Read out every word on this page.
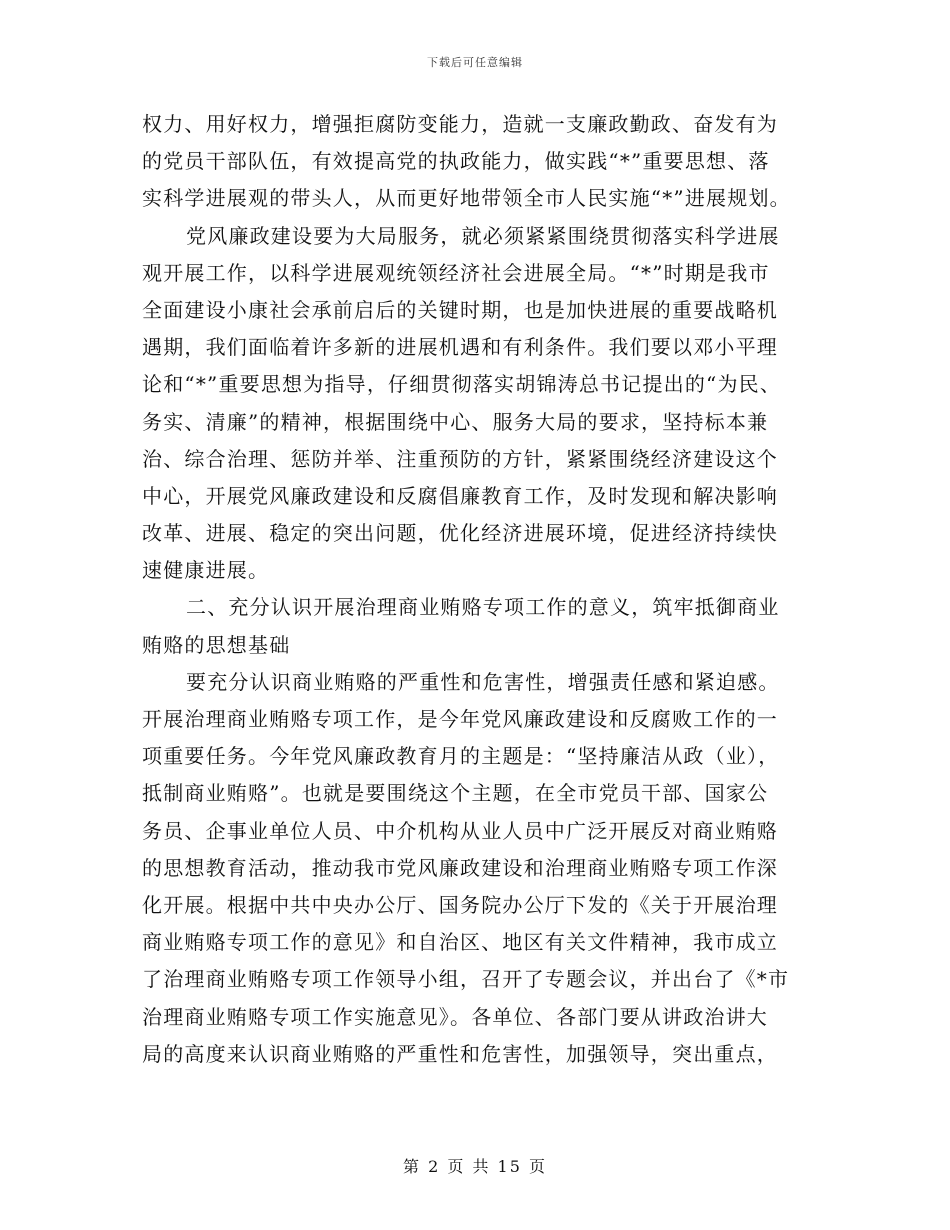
下载后可任意编辑
权力、用好权力，增强拒腐防变能力，造就一支廉政勤政、奋发有为
的党员干部队伍，有效提高党的执政能力，做实践“*”重要思想、落
实科学进展观的带头人，从而更好地带领全市人民实施“*”进展规划。
党风廉政建设要为大局服务，就必须紧紧围绕贯彻落实科学进展
观开展工作，以科学进展观统领经济社会进展全局。“*”时期是我市
全面建设小康社会承前启后的关键时期，也是加快进展的重要战略机
遇期，我们面临着许多新的进展机遇和有利条件。我们要以邓小平理
论和“*”重要思想为指导，仔细贯彻落实胡锦涛总书记提出的“为民、
务实、清廉”的精神，根据围绕中心、服务大局的要求，坚持标本兼
治、综合治理、惩防并举、注重预防的方针，紧紧围绕经济建设这个
中心，开展党风廉政建设和反腐倡廉教育工作，及时发现和解决影响
改革、进展、稳定的突出问题，优化经济进展环境，促进经济持续快
速健康进展。
二、充分认识开展治理商业贿赂专项工作的意义，筑牢抵御商业
贿赂的思想基础
要充分认识商业贿赂的严重性和危害性，增强责任感和紧迫感。
开展治理商业贿赂专项工作，是今年党风廉政建设和反腐败工作的一
项重要任务。今年党风廉政教育月的主题是：“坚持廉洁从政（业），
抵制商业贿赂”。也就是要围绕这个主题，在全市党员干部、国家公
务员、企事业单位人员、中介机构从业人员中广泛开展反对商业贿赂
的思想教育活动，推动我市党风廉政建设和治理商业贿赂专项工作深
化开展。根据中共中央办公厅、国务院办公厅下发的《关于开展治理
商业贿赂专项工作的意见》和自治区、地区有关文件精神，我市成立
了治理商业贿赂专项工作领导小组，召开了专题会议，并出台了《*市
治理商业贿赂专项工作实施意见》。各单位、各部门要从讲政治讲大
局的高度来认识商业贿赂的严重性和危害性，加强领导，突出重点，
第 2 页 共 15 页
